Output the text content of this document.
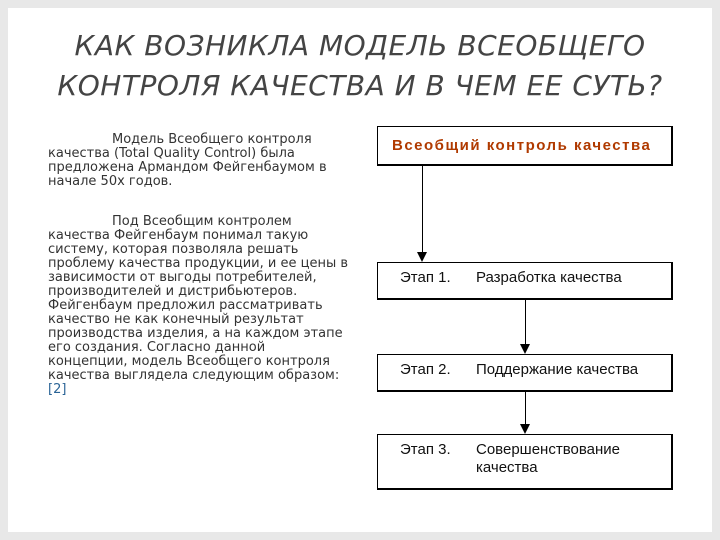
КАК ВОЗНИКЛА МОДЕЛЬ ВСЕОБЩЕГО
КОНТРОЛЯ КАЧЕСТВА И В ЧЕМ ЕЕ СУТЬ?

Модель Всеобщего контроля качества (Total Quality Control) была предложена Армандом Фейгенбаумом в начале 50х годов.

Под Всеобщим контролем качества Фейгенбаум понимал такую систему, которая позволяла решать проблему качества продукции, и ее цены в зависимости от выгоды потребителей, производителей и дистрибьютеров. Фейгенбаум предложил рассматривать качество не как конечный результат производства изделия, а на каждом этапе его создания. Согласно данной концепции, модель Всеобщего контроля качества выглядела следующим образом: [2]

Всеобщий контроль качества
Этап 1. Разработка качества
Этап 2. Поддержание качества
Этап 3. Совершенствование качества
